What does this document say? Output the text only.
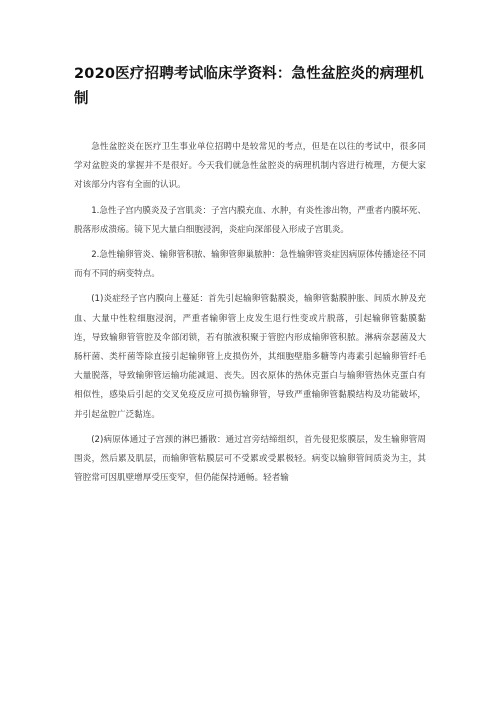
2020医疗招聘考试临床学资料：急性盆腔炎的病理机制

急性盆腔炎在医疗卫生事业单位招聘中是较常见的考点，但是在以往的考试中，很多同学对盆腔炎的掌握并不是很好。今天我们就急性盆腔炎的病理机制内容进行梳理，方便大家对该部分内容有全面的认识。

1.急性子宫内膜炎及子宫肌炎：子宫内膜充血、水肿，有炎性渗出物，严重者内膜坏死、脱落形成溃疡。镜下见大量白细胞浸润，炎症向深部侵入形成子宫肌炎。

2.急性输卵管炎、输卵管积脓、输卵管卵巢脓肿：急性输卵管炎症因病原体传播途径不同而有不同的病变特点。

(1)炎症经子宫内膜向上蔓延：首先引起输卵管黏膜炎，输卵管黏膜肿胀、间质水肿及充血、大量中性粒细胞浸润，严重者输卵管上皮发生退行性变或片脱落，引起输卵管黏膜黏连，导致输卵管管腔及伞部闭锁，若有脓液积聚于管腔内形成输卵管积脓。淋病奈瑟菌及大肠杆菌、类杆菌等除直接引起输卵管上皮损伤外，其细胞壁脂多糖等内毒素引起输卵管纤毛大量脱落，导致输卵管运输功能减退、丧失。因衣原体的热休克蛋白与输卵管热休克蛋白有相似性，感染后引起的交叉免疫反应可损伤输卵管，导致严重输卵管黏膜结构及功能破坏，并引起盆腔广泛黏连。

(2)病原体通过子宫颈的淋巴播散：通过宫旁结缔组织，首先侵犯浆膜层，发生输卵管周围炎，然后累及肌层，而输卵管粘膜层可不受累或受累极轻。病变以输卵管间质炎为主，其管腔常可因肌壁增厚受压变窄，但仍能保持通畅。轻者输
